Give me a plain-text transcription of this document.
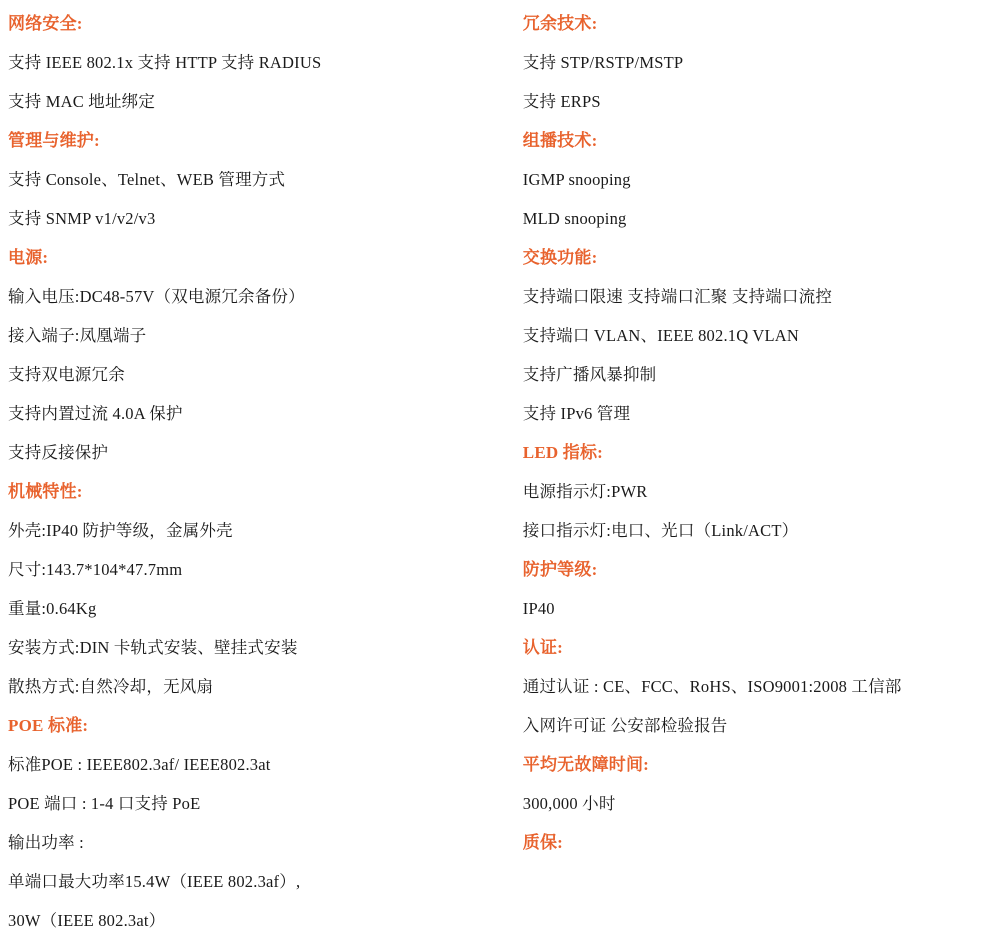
网络安全:
支持 IEEE 802.1x 支持 HTTP 支持 RADIUS
支持 MAC 地址绑定
管理与维护:
支持 Console、Telnet、WEB 管理方式
支持 SNMP v1/v2/v3
电源:
输入电压:DC48-57V（双电源冗余备份）
接入端子:凤凰端子
支持双电源冗余
支持内置过流 4.0A 保护
支持反接保护
机械特性:
外壳:IP40 防护等级，金属外壳
尺寸:143.7*104*47.7mm
重量:0.64Kg
安装方式:DIN 卡轨式安装、壁挂式安装
散热方式:自然冷却，无风扇
POE 标准:
标准POE : IEEE802.3af/ IEEE802.3at
POE 端口 : 1-4 口支持 PoE
输出功率 :
单端口最大功率15.4W（IEEE 802.3af）,
30W（IEEE 802.3at）
冗余技术:
支持 STP/RSTP/MSTP
支持 ERPS
组播技术:
IGMP snooping
MLD snooping
交换功能:
支持端口限速 支持端口汇聚 支持端口流控
支持端口 VLAN、IEEE 802.1Q VLAN
支持广播风暴抑制
支持 IPv6 管理
LED 指标:
电源指示灯:PWR
接口指示灯:电口、光口（Link/ACT）
防护等级:
IP40
认证:
通过认证 : CE、FCC、RoHS、ISO9001:2008 工信部
入网许可证 公安部检验报告
平均无故障时间:
300,000 小时
质保:
